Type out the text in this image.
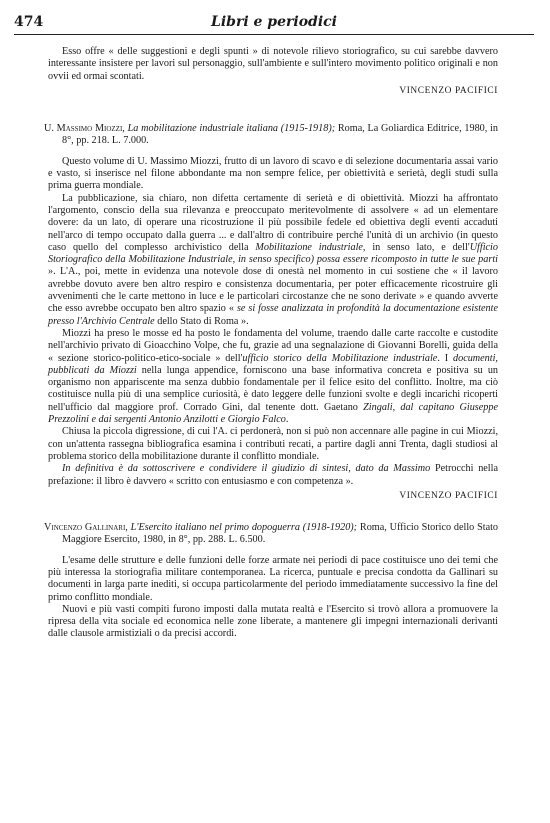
474	Libri e periodici

Esso offre « delle suggestioni e degli spunti » di notevole rilievo storiografico, su cui sarebbe davvero interessante insistere per lavori sul personaggio, sull'ambiente e sull'intero movimento politico originali e non ovvii ed ormai scontati.

VINCENZO PACIFICI

U. Massimo Miozzi, La mobilitazione industriale italiana (1915-1918); Roma, La Goliardica Editrice, 1980, in 8°, pp. 218. L. 7.000.

Questo volume di U. Massimo Miozzi, frutto di un lavoro di scavo e di selezione documentaria assai vario e vasto, si inserisce nel filone abbondante ma non sempre felice, per obiettività e serietà, degli studi sulla prima guerra mondiale.

La pubblicazione, sia chiaro, non difetta certamente di serietà e di obiettività. Miozzi ha affrontato l'argomento, conscio della sua rilevanza e preoccupato meritevolmente di assolvere « ad un elementare dovere: da un lato, di operare una ricostruzione il più possibile fedele ed obiettiva degli eventi accaduti nell'arco di tempo occupato dalla guerra ... e dall'altro di contribuire perché l'unità di un archivio (in questo caso quello del complesso archivistico della Mobilitazione industriale, in senso lato, e dell'Ufficio Storiografico della Mobilitazione Industriale, in senso specifico) possa essere ricomposto in tutte le sue parti ». L'A., poi, mette in evidenza una notevole dose di onestà nel momento in cui sostiene che « il lavoro avrebbe dovuto avere ben altro respiro e consistenza documentaria, per poter efficacemente ricostruire gli avvenimenti che le carte mettono in luce e le particolari circostanze che ne sono derivate » e quando avverte che esso avrebbe occupato ben altro spazio « se si fosse analizzata in profondità la documentazione esistente presso l'Archivio Centrale dello Stato di Roma ».

Miozzi ha preso le mosse ed ha posto le fondamenta del volume, traendo dalle carte raccolte e custodite nell'archivio privato di Gioacchino Volpe, che fu, grazie ad una segnalazione di Giovanni Borelli, guida della « sezione storico-politico-etico-sociale » dell'ufficio storico della Mobilitazione industriale. I documenti, pubblicati da Miozzi nella lunga appendice, forniscono una base informativa concreta e positiva su un organismo non appariscente ma senza dubbio fondamentale per il felice esito del conflitto. Inoltre, ma ciò costituisce nulla più di una semplice curiosità, è dato leggere delle funzioni svolte e degli incarichi ricoperti nell'ufficio dal maggiore prof. Corrado Gini, dal tenente dott. Gaetano Zingali, dal capitano Giuseppe Prezzolini e dai sergenti Antonio Anzilotti e Giorgio Falco.

Chiusa la piccola digressione, di cui l'A. ci perdonerà, non si può non accennare alle pagine in cui Miozzi, con un'attenta rassegna bibliografica esamina i contributi recati, a partire dagli anni Trenta, dagli studiosi al problema storico della mobilitazione durante il conflitto mondiale.

In definitiva è da sottoscrivere e condividere il giudizio di sintesi, dato da Massimo Petrocchi nella prefazione: il libro è davvero « scritto con entusiasmo e con competenza ».

VINCENZO PACIFICI

Vincenzo Gallinari, L'Esercito italiano nel primo dopoguerra (1918-1920); Roma, Ufficio Storico dello Stato Maggiore Esercito, 1980, in 8°, pp. 288. L. 6.500.

L'esame delle strutture e delle funzioni delle forze armate nei periodi di pace costituisce uno dei temi che più interessa la storiografia militare contemporanea. La ricerca, puntuale e precisa condotta da Gallinari su documenti in larga parte inediti, si occupa particolarmente del periodo immediatamente successivo la fine del primo conflitto mondiale.

Nuovi e più vasti compiti furono imposti dalla mutata realtà e l'Esercito si trovò allora a promuovere la ripresa della vita sociale ed economica nelle zone liberate, a mantenere gli impegni internazionali derivanti dalle clausole armistiziali o da precisi accordi.
